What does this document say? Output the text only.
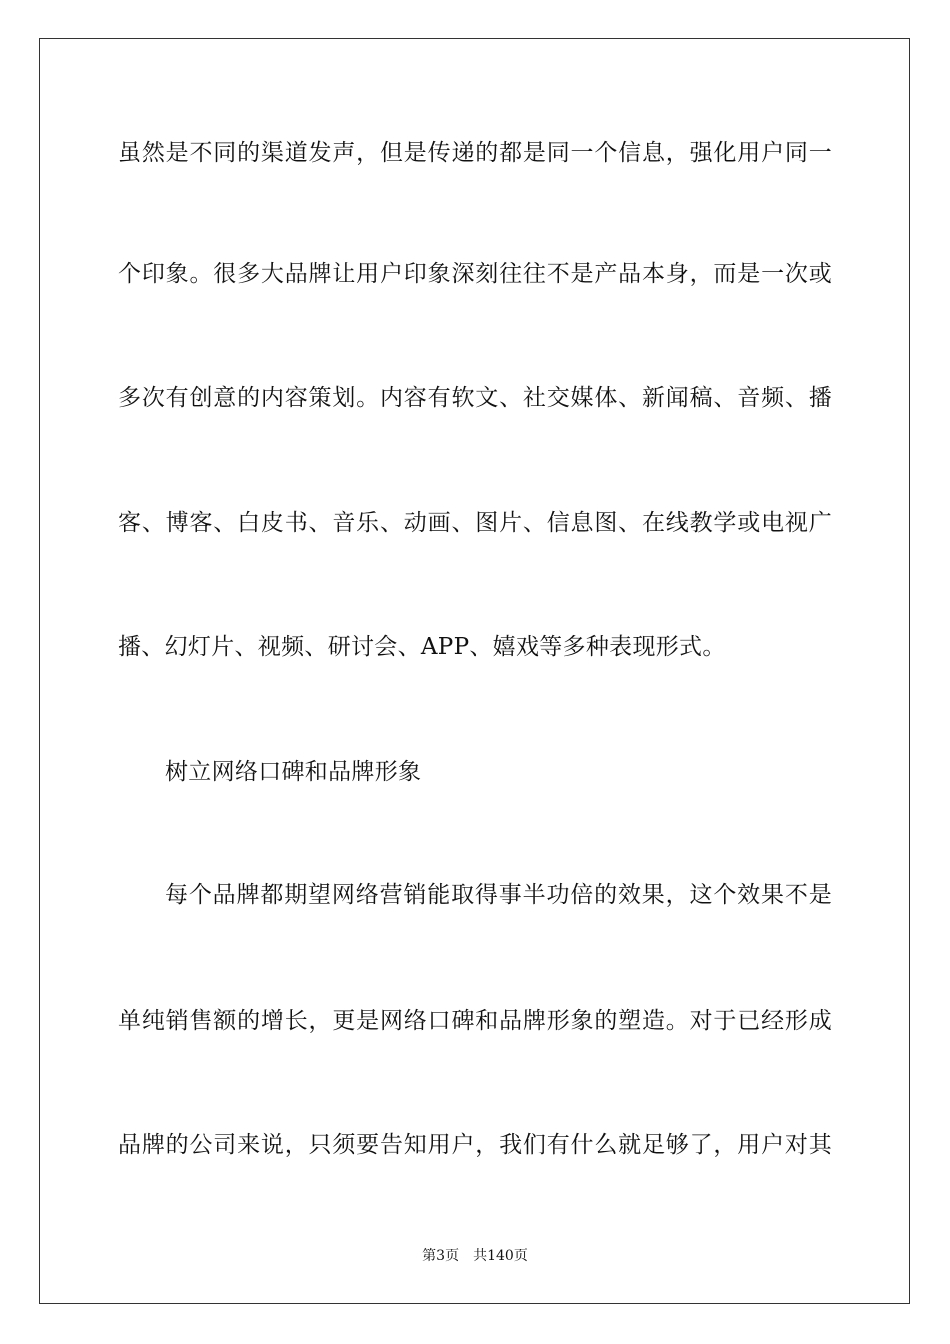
虽然是不同的渠道发声，但是传递的都是同一个信息，强化用户同一
个印象。很多大品牌让用户印象深刻往往不是产品本身，而是一次或
多次有创意的内容策划。内容有软文、社交媒体、新闻稿、音频、播
客、博客、白皮书、音乐、动画、图片、信息图、在线教学或电视广
播、幻灯片、视频、研讨会、APP、嬉戏等多种表现形式。
树立网络口碑和品牌形象
每个品牌都期望网络营销能取得事半功倍的效果，这个效果不是
单纯销售额的增长，更是网络口碑和品牌形象的塑造。对于已经形成
品牌的公司来说，只须要告知用户，我们有什么就足够了，用户对其
第3页 共140页
